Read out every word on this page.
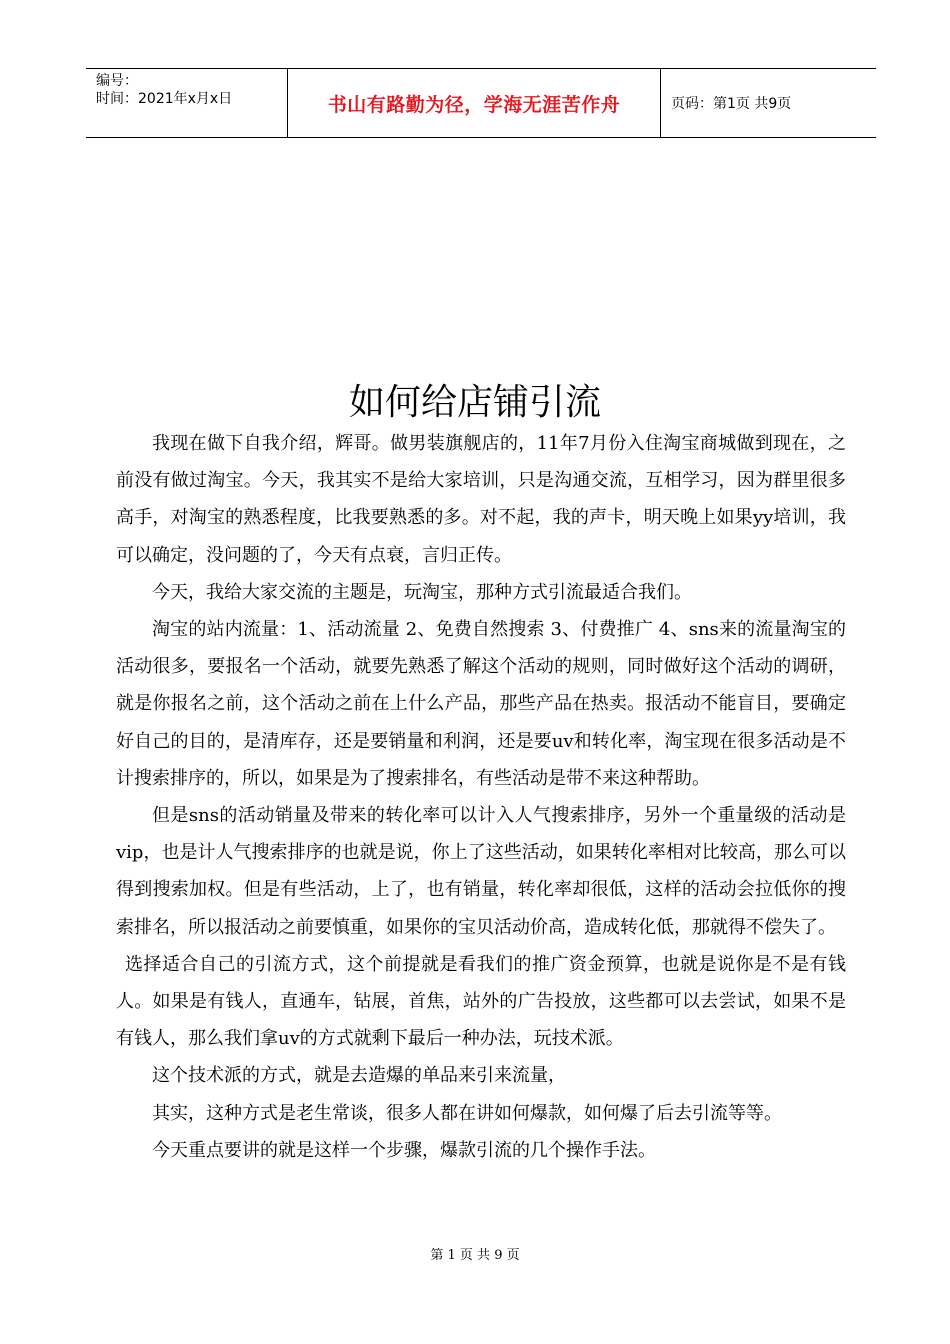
编号：
时间：2021年x月x日	书山有路勤为径，学海无涯苦作舟	页码：第1页 共9页
如何给店铺引流

我现在做下自我介绍，辉哥。做男装旗舰店的，11年7月份入住淘宝商城做到现在，之前没有做过淘宝。今天，我其实不是给大家培训，只是沟通交流，互相学习，因为群里很多高手，对淘宝的熟悉程度，比我要熟悉的多。对不起，我的声卡，明天晚上如果yy培训，我可以确定，没问题的了，今天有点衰，言归正传。

今天，我给大家交流的主题是，玩淘宝，那种方式引流最适合我们。

淘宝的站内流量：1、活动流量 2、免费自然搜索 3、付费推广 4、sns来的流量淘宝的活动很多，要报名一个活动，就要先熟悉了解这个活动的规则，同时做好这个活动的调研，就是你报名之前，这个活动之前在上什么产品，那些产品在热卖。报活动不能盲目，要确定好自己的目的，是清库存，还是要销量和利润，还是要uv和转化率，淘宝现在很多活动是不计搜索排序的，所以，如果是为了搜索排名，有些活动是带不来这种帮助。

但是sns的活动销量及带来的转化率可以计入人气搜索排序，另外一个重量级的活动是vip，也是计人气搜索排序的也就是说，你上了这些活动，如果转化率相对比较高，那么可以得到搜索加权。但是有些活动，上了，也有销量，转化率却很低，这样的活动会拉低你的搜索排名，所以报活动之前要慎重，如果你的宝贝活动价高，造成转化低，那就得不偿失了。

选择适合自己的引流方式，这个前提就是看我们的推广资金预算，也就是说你是不是有钱人。如果是有钱人，直通车，钻展，首焦，站外的广告投放，这些都可以去尝试，如果不是有钱人，那么我们拿uv的方式就剩下最后一种办法，玩技术派。

这个技术派的方式，就是去造爆的单品来引来流量，

其实，这种方式是老生常谈，很多人都在讲如何爆款，如何爆了后去引流等等。

今天重点要讲的就是这样一个步骤，爆款引流的几个操作手法。

第 1 页 共 9 页
